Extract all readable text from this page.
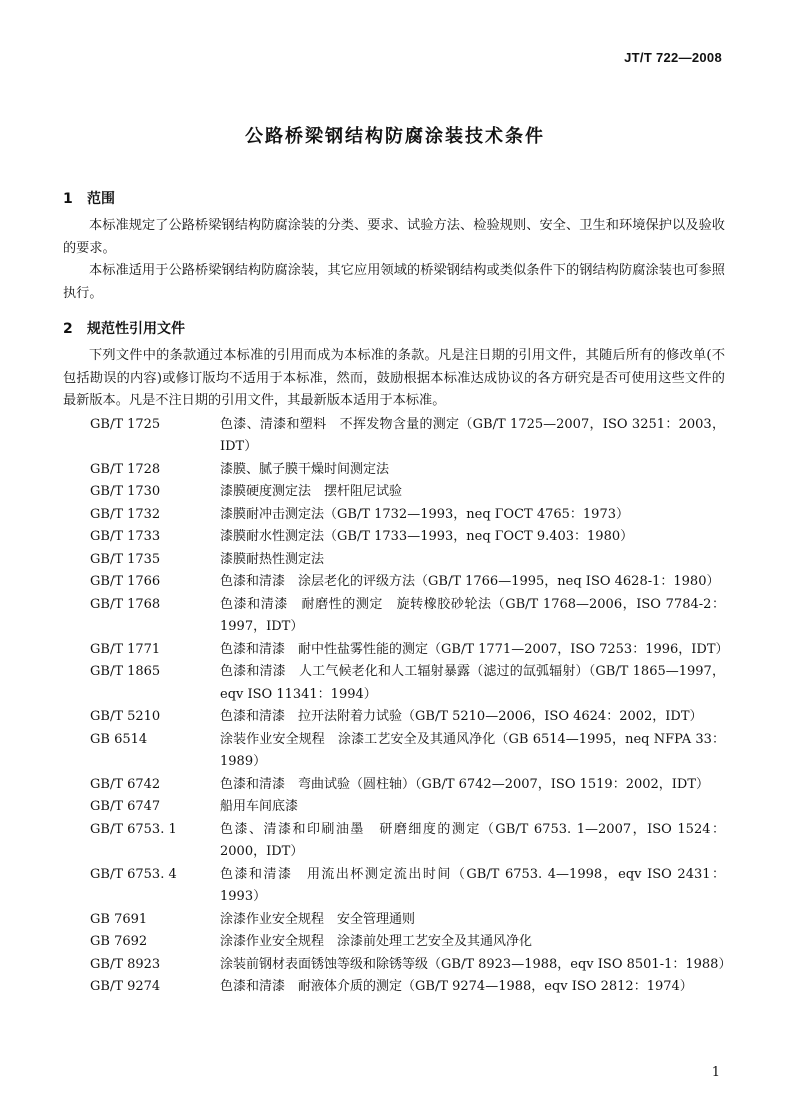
JT/T 722—2008
公路桥梁钢结构防腐涂装技术条件
1 范围

本标准规定了公路桥梁钢结构防腐涂装的分类、要求、试验方法、检验规则、安全、卫生和环境保护以及验收的要求。

本标准适用于公路桥梁钢结构防腐涂装，其它应用领域的桥梁钢结构或类似条件下的钢结构防腐涂装也可参照执行。

2 规范性引用文件

下列文件中的条款通过本标准的引用而成为本标准的条款。凡是注日期的引用文件，其随后所有的修改单(不包括勘误的内容)或修订版均不适用于本标准，然而，鼓励根据本标准达成协议的各方研究是否可使用这些文件的最新版本。凡是不注日期的引用文件，其最新版本适用于本标准。

GB/T 1725	色漆、清漆和塑料　不挥发物含量的测定（GB/T 1725—2007，ISO 3251：2003，IDT）
GB/T 1728	漆膜、腻子膜干燥时间测定法
GB/T 1730	漆膜硬度测定法　摆杆阻尼试验
GB/T 1732	漆膜耐冲击测定法（GB/T 1732—1993，neq ГОСТ 4765：1973）
GB/T 1733	漆膜耐水性测定法（GB/T 1733—1993，neq ГОСТ 9.403：1980）
GB/T 1735	漆膜耐热性测定法
GB/T 1766	色漆和清漆　涂层老化的评级方法（GB/T 1766—1995，neq ISO 4628-1：1980）
GB/T 1768	色漆和清漆　耐磨性的测定　旋转橡胶砂轮法（GB/T 1768—2006，ISO 7784-2：1997，IDT）
GB/T 1771	色漆和清漆　耐中性盐雾性能的测定（GB/T 1771—2007，ISO 7253：1996，IDT）
GB/T 1865	色漆和清漆　人工气候老化和人工辐射暴露（滤过的氙弧辐射）（GB/T 1865—1997，eqv ISO 11341：1994）
GB/T 5210	色漆和清漆　拉开法附着力试验（GB/T 5210—2006，ISO 4624：2002，IDT）
GB 6514	涂装作业安全规程　涂漆工艺安全及其通风净化（GB 6514—1995，neq NFPA 33：1989）
GB/T 6742	色漆和清漆　弯曲试验（圆柱轴）（GB/T 6742—2007，ISO 1519：2002，IDT）
GB/T 6747	船用车间底漆
GB/T 6753. 1	色漆、清漆和印刷油墨　研磨细度的测定（GB/T 6753. 1—2007，ISO 1524：2000，IDT）
GB/T 6753. 4	色漆和清漆　用流出杯测定流出时间（GB/T 6753. 4—1998，eqv ISO 2431：1993）
GB 7691	涂漆作业安全规程　安全管理通则
GB 7692	涂漆作业安全规程　涂漆前处理工艺安全及其通风净化
GB/T 8923	涂装前钢材表面锈蚀等级和除锈等级（GB/T 8923—1988，eqv ISO 8501-1：1988）
GB/T 9274	色漆和清漆　耐液体介质的测定（GB/T 9274—1988，eqv ISO 2812：1974）
1
